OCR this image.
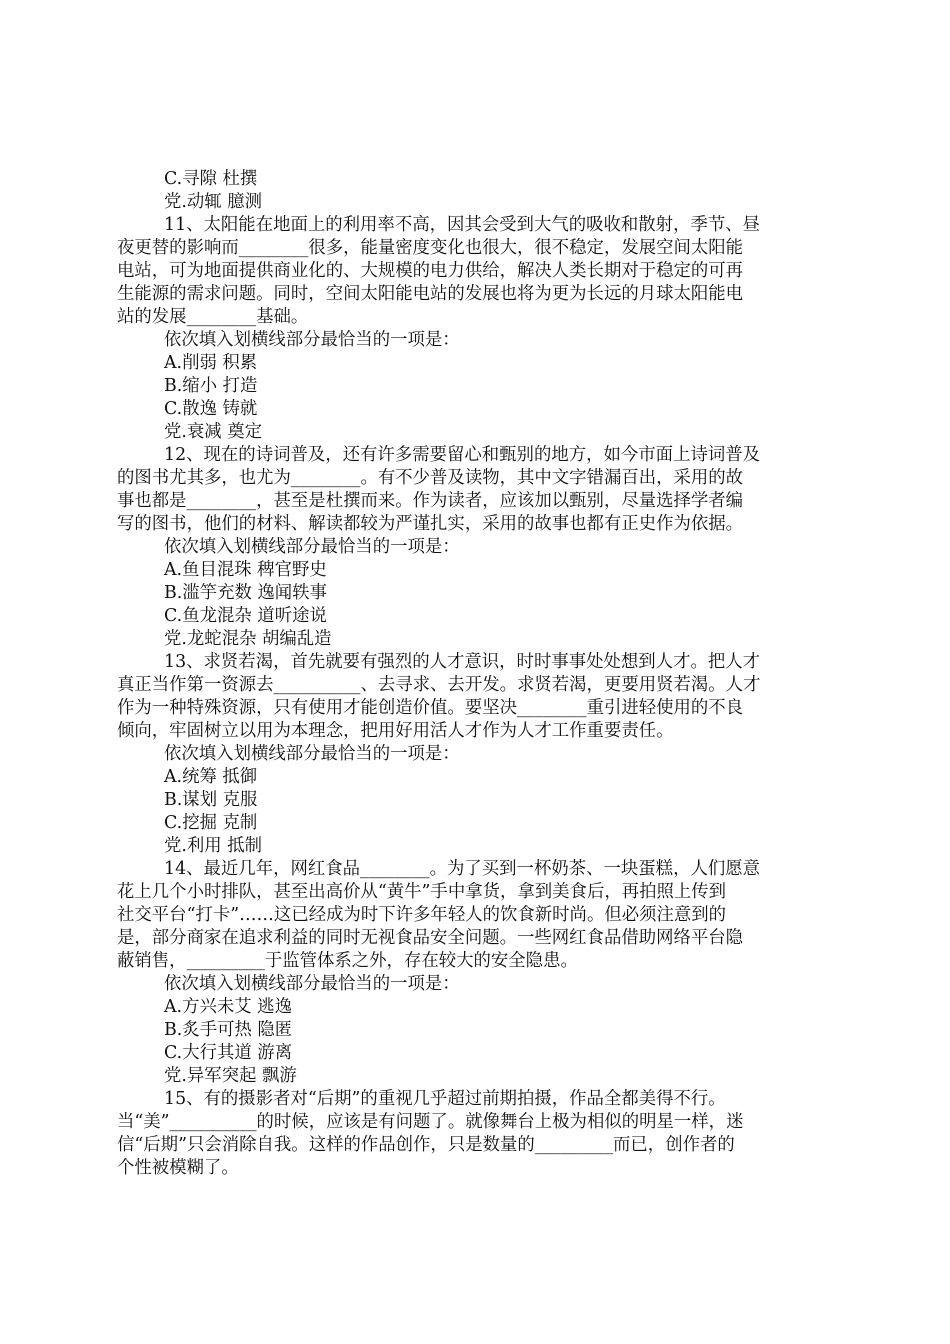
C.寻隙 杜撰
党.动辄 臆测
11、太阳能在地面上的利用率不高，因其会受到大气的吸收和散射，季节、昼
夜更替的影响而________很多，能量密度变化也很大，很不稳定，发展空间太阳能
电站，可为地面提供商业化的、大规模的电力供给，解决人类长期对于稳定的可再
生能源的需求问题。同时，空间太阳能电站的发展也将为更为长远的月球太阳能电
站的发展________基础。
依次填入划横线部分最恰当的一项是：
A.削弱 积累
B.缩小 打造
C.散逸 铸就
党.衰减 奠定
12、现在的诗词普及，还有许多需要留心和甄别的地方，如今市面上诗词普及
的图书尤其多，也尤为________。有不少普及读物，其中文字错漏百出，采用的故
事也都是________，甚至是杜撰而来。作为读者，应该加以甄别，尽量选择学者编
写的图书，他们的材料、解读都较为严谨扎实，采用的故事也都有正史作为依据。
依次填入划横线部分最恰当的一项是：
A.鱼目混珠 稗官野史
B.滥竽充数 逸闻轶事
C.鱼龙混杂 道听途说
党.龙蛇混杂 胡编乱造
13、求贤若渴，首先就要有强烈的人才意识，时时事事处处想到人才。把人才
真正当作第一资源去__________、去寻求、去开发。求贤若渴，更要用贤若渴。人才
作为一种特殊资源，只有使用才能创造价值。要坚决________重引进轻使用的不良
倾向，牢固树立以用为本理念，把用好用活人才作为人才工作重要责任。
依次填入划横线部分最恰当的一项是：
A.统筹 抵御
B.谋划 克服
C.挖掘 克制
党.利用 抵制
14、最近几年，网红食品________。为了买到一杯奶茶、一块蛋糕，人们愿意
花上几个小时排队，甚至出高价从“黄牛”手中拿货，拿到美食后，再拍照上传到
社交平台“打卡”……这已经成为时下许多年轻人的饮食新时尚。但必须注意到的
是，部分商家在追求利益的同时无视食品安全问题。一些网红食品借助网络平台隐
蔽销售，_________于监管体系之外，存在较大的安全隐患。
依次填入划横线部分最恰当的一项是：
A.方兴未艾 逃逸
B.炙手可热 隐匿
C.大行其道 游离
党.异军突起 飘游
15、有的摄影者对“后期”的重视几乎超过前期拍摄，作品全都美得不行。
当“美”__________的时候，应该是有问题了。就像舞台上极为相似的明星一样，迷
信“后期”只会消除自我。这样的作品创作，只是数量的_________而已，创作者的
个性被模糊了。
